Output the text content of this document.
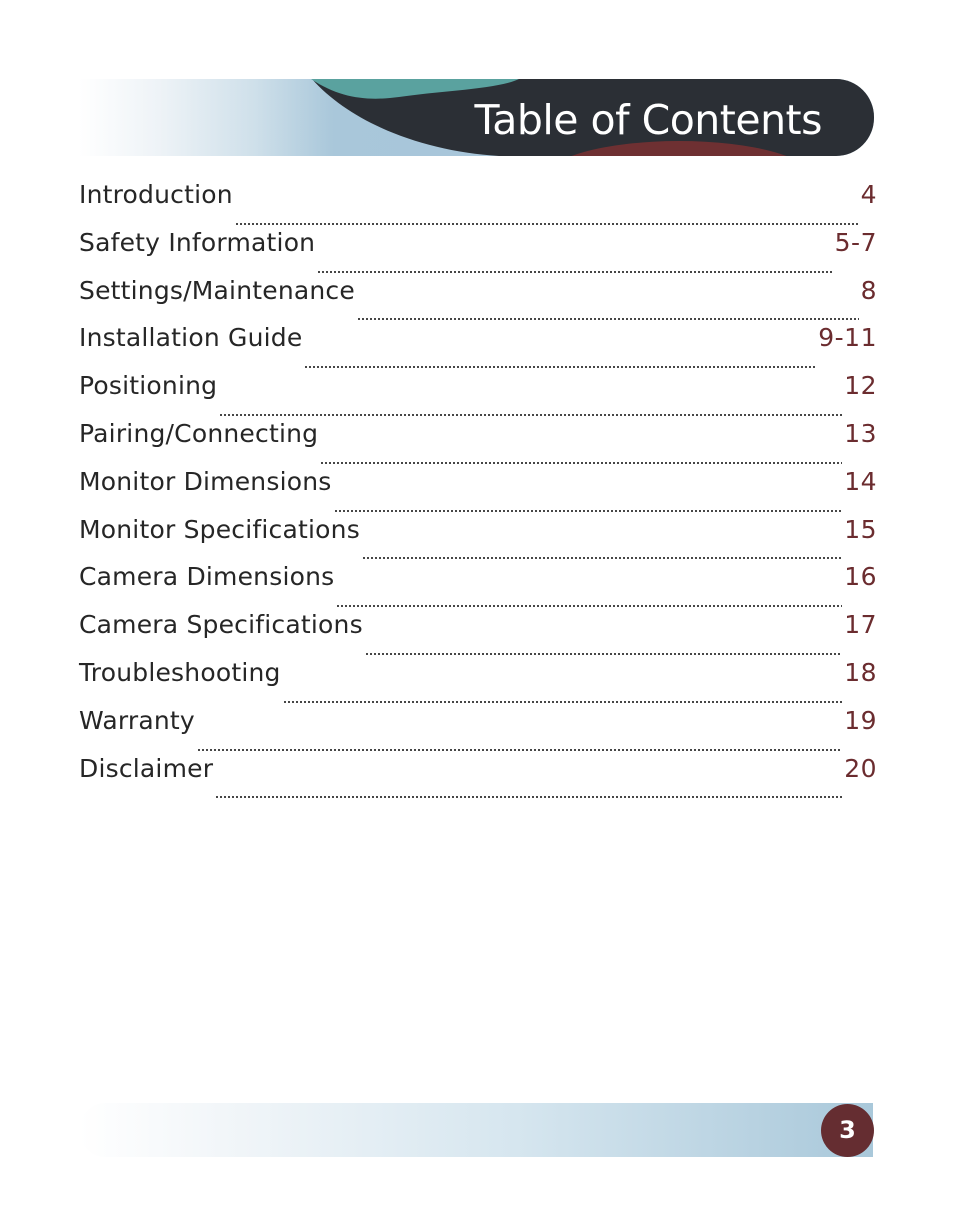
Table of Contents
Introduction	4
Safety Information	5-7
Settings/Maintenance	8
Installation Guide	9-11
Positioning	12
Pairing/Connecting	13
Monitor Dimensions	14
Monitor Specifications	15
Camera Dimensions	16
Camera Specifications	17
Troubleshooting	18
Warranty	19
Disclaimer	20
3
